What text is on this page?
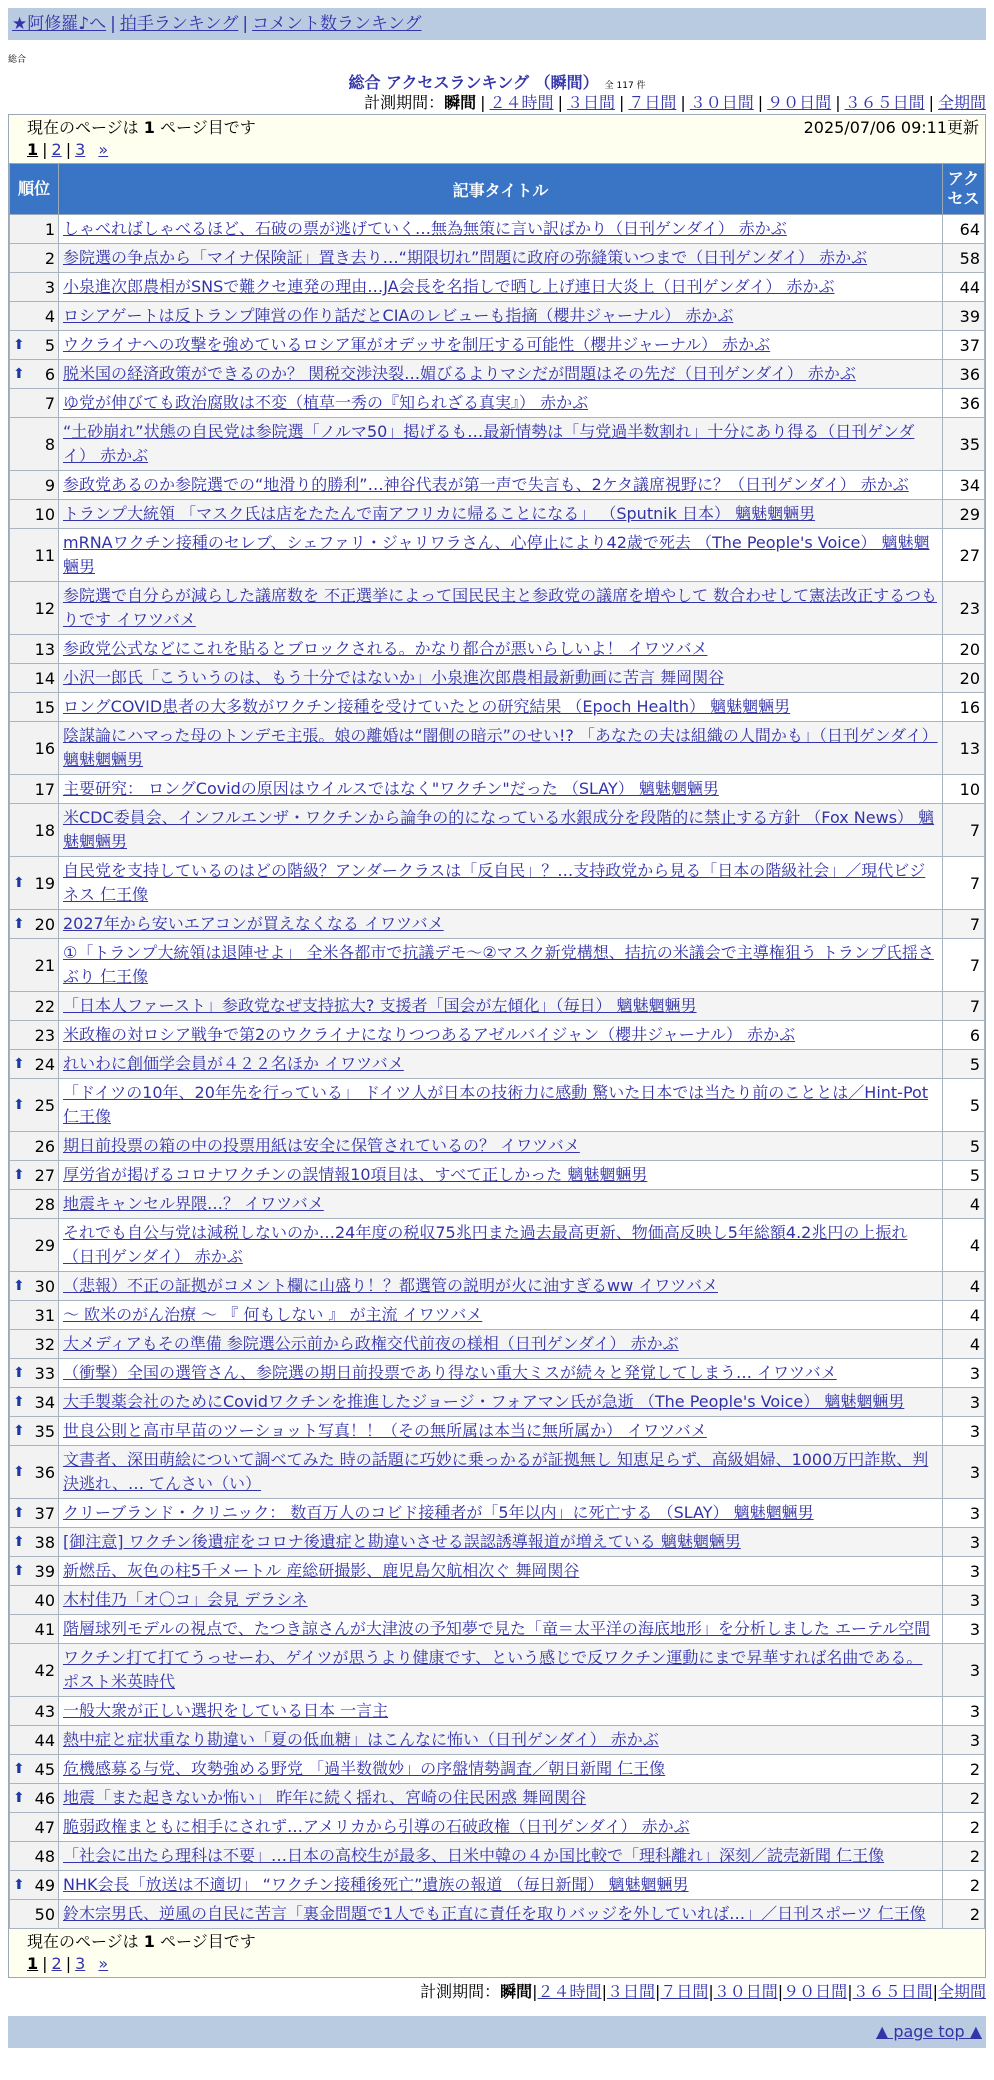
★阿修羅♪へ | 拍手ランキング | コメント数ランキング
総合
総合 アクセスランキング （瞬間） 全 117 件
計測期間：瞬間 | ２４時間 | ３日間 | ７日間 | ３０日間 | ９０日間 | ３６５日間 | 全期間
現在のページは 1 ページ目です	2025/07/06 09:11更新
1 | 2 | 3 »
順位	記事タイトル	アクセス
1	しゃべればしゃべるほど、石破の票が逃げていく…無為無策に言い訳ばかり（日刊ゲンダイ） 赤かぶ	64
2	参院選の争点から「マイナ保険証」置き去り…“期限切れ”問題に政府の弥縫策いつまで（日刊ゲンダイ） 赤かぶ	58
3	小泉進次郎農相がSNSで難クセ連発の理由…JA会長を名指しで晒し上げ連日大炎上（日刊ゲンダイ） 赤かぶ	44
4	ロシアゲートは反トランプ陣営の作り話だとCIAのレビューも指摘（櫻井ジャーナル） 赤かぶ	39

⬆ 5	ウクライナへの攻撃を強めているロシア軍がオデッサを制圧する可能性（櫻井ジャーナル） 赤かぶ	37

⬆ 6	脱米国の経済政策ができるのか？ 関税交渉決裂…媚びるよりマシだが問題はその先だ（日刊ゲンダイ） 赤かぶ	36
7	ゆ党が伸びても政治腐敗は不変（植草一秀の『知られざる真実』） 赤かぶ	36
8	“土砂崩れ”状態の自民党は参院選「ノルマ50」掲げるも…最新情勢は「与党過半数割れ」十分にあり得る（日刊ゲンダイ） 赤かぶ	35
9	参政党あるのか参院選での“地滑り的勝利”…神谷代表が第一声で失言も、2ケタ議席視野に？（日刊ゲンダイ） 赤かぶ	34
10	トランプ大統領 「マスク氏は店をたたんで南アフリカに帰ることになる」 （Sputnik 日本） 魑魅魍魎男	29
11	mRNAワクチン接種のセレブ、シェファリ・ジャリワラさん、心停止により42歳で死去 （The People's Voice） 魑魅魍魎男	27
12	参院選で自分らが減らした議席数を 不正選挙によって国民民主と参政党の議席を増やして 数合わせして憲法改正するつもりです イワツバメ	23
13	参政党公式などにこれを貼るとブロックされる。かなり都合が悪いらしいよ！ イワツバメ	20
14	小沢一郎氏「こういうのは、もう十分ではないか」小泉進次郎農相最新動画に苦言 舞岡関谷	20
15	ロングCOVID患者の大多数がワクチン接種を受けていたとの研究結果 （Epoch Health） 魑魅魍魎男	16
16	陰謀論にハマった母のトンデモ主張。娘の離婚は“闇側の暗示”のせい!? 「あなたの夫は組織の人間かも」（日刊ゲンダイ） 魑魅魍魎男	13
17	主要研究： ロングCovidの原因はウイルスではなく"ワクチン"だった （SLAY） 魑魅魍魎男	10
18	米CDC委員会、インフルエンザ・ワクチンから論争の的になっている水銀成分を段階的に禁止する方針 （Fox News） 魑魅魍魎男	7

⬆ 19	自民党を支持しているのはどの階級？アンダークラスは「反自民」？…支持政党から見る「日本の階級社会」／現代ビジネス 仁王像	7

⬆ 20	2027年から安いエアコンが買えなくなる イワツバメ	7
21	①「トランプ大統領は退陣せよ」 全米各都市で抗議デモ～②マスク新党構想、拮抗の米議会で主導権狙う トランプ氏揺さぶり 仁王像	7
22	「日本人ファースト」参政党なぜ支持拡大? 支援者「国会が左傾化」（毎日） 魑魅魍魎男	7
23	米政権の対ロシア戦争で第2のウクライナになりつつあるアゼルバイジャン（櫻井ジャーナル） 赤かぶ	6

⬆ 24	れいわに創価学会員が４２２名ほか イワツバメ	5

⬆ 25	「ドイツの10年、20年先を行っている」 ドイツ人が日本の技術力に感動 驚いた日本では当たり前のこととは／Hint-Pot 仁王像	5
26	期日前投票の箱の中の投票用紙は安全に保管されているの？ イワツバメ	5

⬆ 27	厚労省が掲げるコロナワクチンの誤情報10項目は、すべて正しかった 魑魅魍魎男	5
28	地震キャンセル界隈…？ イワツバメ	4
29	それでも自公与党は減税しないのか…24年度の税収75兆円また過去最高更新、物価高反映し5年総額4.2兆円の上振れ（日刊ゲンダイ） 赤かぶ	4

⬆ 30	（悲報）不正の証拠がコメント欄に山盛り！？都選管の説明が火に油すぎるww イワツバメ	4
31	～ 欧米のがん治療 ～ 『 何もしない 』 が主流 イワツバメ	4
32	大メディアもその準備 参院選公示前から政権交代前夜の様相（日刊ゲンダイ） 赤かぶ	4

⬆ 33	（衝撃）全国の選管さん、参院選の期日前投票であり得ない重大ミスが続々と発覚してしまう… イワツバメ	3

⬆ 34	大手製薬会社のためにCovidワクチンを推進したジョージ・フォアマン氏が急逝 （The People's Voice） 魑魅魍魎男	3

⬆ 35	世良公則と高市早苗のツーショット写真！！（その無所属は本当に無所属か） イワツバメ	3

⬆ 36	文書者、深田萌絵について調べてみた 時の話題に巧妙に乗っかるが証拠無し 知恵足らず、高級娼婦、1000万円詐欺、判決逃れ、… てんさい（い）	3

⬆ 37	クリーブランド・クリニック： 数百万人のコビド接種者が「5年以内」に死亡する （SLAY） 魑魅魍魎男	3

⬆ 38	[御注意] ワクチン後遺症をコロナ後遺症と勘違いさせる誤認誘導報道が増えている 魑魅魍魎男	3

⬆ 39	新燃岳、灰色の柱5千メートル 産総研撮影、鹿児島欠航相次ぐ 舞岡関谷	3
40	木村佳乃「オ〇コ」会見 デラシネ	3
41	階層球列モデルの視点で、たつき諒さんが大津波の予知夢で見た「竜＝太平洋の海底地形」を分析しました エーテル空間	3
42	ワクチン打て打てうっせーわ、ゲイツが思うより健康です、という感じで反ワクチン運動にまで昇華すれば名曲である。 ポスト米英時代	3
43	一般大衆が正しい選択をしている日本 一言主	3
44	熱中症と症状重なり勘違い「夏の低血糖」はこんなに怖い（日刊ゲンダイ） 赤かぶ	3

⬆ 45	危機感募る与党、攻勢強める野党 「過半数微妙」の序盤情勢調査／朝日新聞 仁王像	2

⬆ 46	地震「また起きないか怖い」 昨年に続く揺れ、宮崎の住民困惑 舞岡関谷	2
47	脆弱政権まともに相手にされず…アメリカから引導の石破政権（日刊ゲンダイ） 赤かぶ	2
48	「社会に出たら理科は不要」…日本の高校生が最多、日米中韓の４か国比較で「理科離れ」深刻／読売新聞 仁王像	2

⬆ 49	NHK会長「放送は不適切」 “ワクチン接種後死亡”遺族の報道 （毎日新聞） 魑魅魍魎男	2
50	鈴木宗男氏、逆風の自民に苦言「裏金問題で1人でも正直に責任を取りバッジを外していれば…」／日刊スポーツ 仁王像	2
現在のページは 1 ページ目です
1 | 2 | 3 »
計測期間：瞬間|２４時間|３日間|７日間|３０日間|９０日間|３６５日間|全期間
▲ page top ▲
